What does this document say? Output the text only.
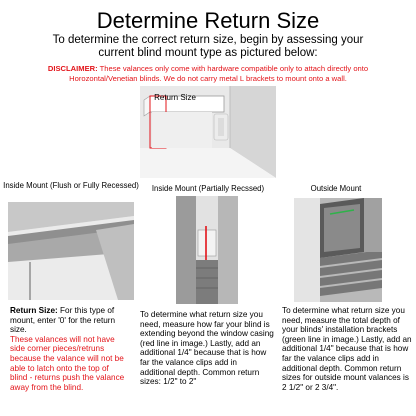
Determine Return Size
To determine the correct return size, begin by assessing your current blind mount type as pictured below:
DISCLAIMER: These valances only come with hardware compatible only to attach directly onto Horozontal/Venetian blinds. We do not carry metal L brackets to mount onto a wall.
Return Size
Inside Mount (Flush or Fully Recessed)	Inside Mount (Partially Recssed)	Outside Mount
Return Size: For this type of mount, enter '0' for the return size.
These valances will not have side corner pieces/retruns because the valance will not be able to latch onto the top of blind - returns push the valance away from the blind.
To determine what return size you need, measure how far your blind is extending beyond the window casing (red line in image.) Lastly, add an additional 1/4" because that is how far the valance clips add in additional depth. Common return sizes: 1/2" to 2"
To determine what return size you need, measure the total depth of your blinds' installation brackets (green line in image.) Lastly, add an additional 1/4" because that is how far the valance clips add in additional depth. Common return sizes for outside mount valances is 2 1/2" or 2 3/4".
